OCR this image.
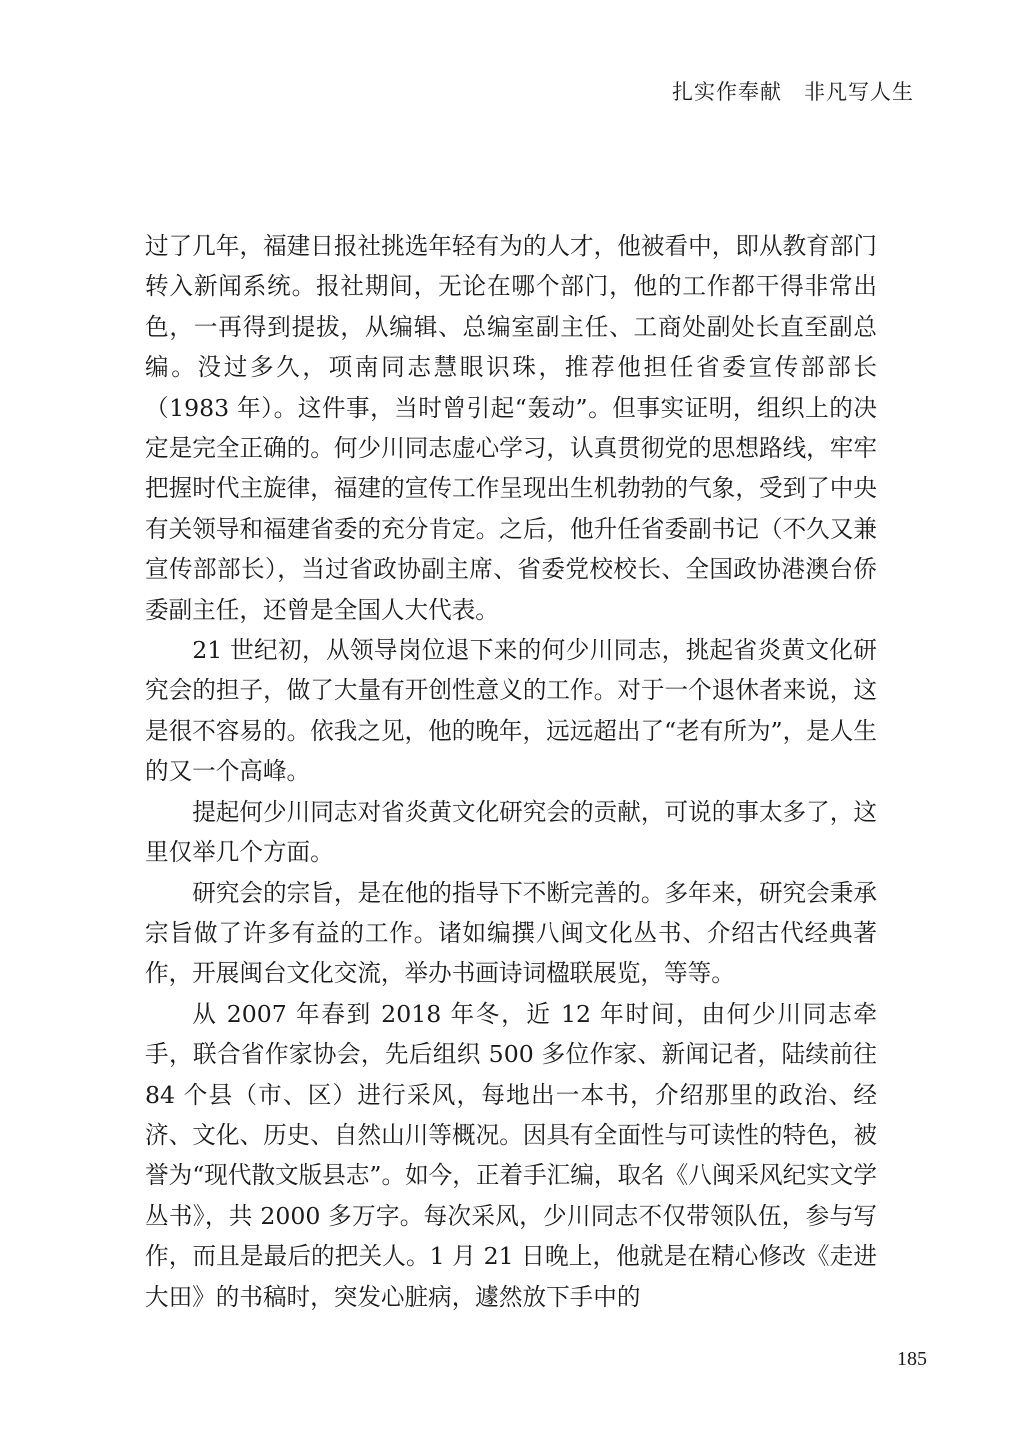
扎实作奉献　非凡写人生

过了几年，福建日报社挑选年轻有为的人才，他被看中，即从教育部门转入新闻系统。报社期间，无论在哪个部门，他的工作都干得非常出色，一再得到提拔，从编辑、总编室副主任、工商处副处长直至副总编。没过多久，项南同志慧眼识珠，推荐他担任省委宣传部部长（1983 年）。这件事，当时曾引起“轰动”。但事实证明，组织上的决定是完全正确的。何少川同志虚心学习，认真贯彻党的思想路线，牢牢把握时代主旋律，福建的宣传工作呈现出生机勃勃的气象，受到了中央有关领导和福建省委的充分肯定。之后，他升任省委副书记（不久又兼宣传部部长），当过省政协副主席、省委党校校长、全国政协港澳台侨委副主任，还曾是全国人大代表。

21 世纪初，从领导岗位退下来的何少川同志，挑起省炎黄文化研究会的担子，做了大量有开创性意义的工作。对于一个退休者来说，这是很不容易的。依我之见，他的晚年，远远超出了“老有所为”，是人生的又一个高峰。

提起何少川同志对省炎黄文化研究会的贡献，可说的事太多了，这里仅举几个方面。

研究会的宗旨，是在他的指导下不断完善的。多年来，研究会秉承宗旨做了许多有益的工作。诸如编撰八闽文化丛书、介绍古代经典著作，开展闽台文化交流，举办书画诗词楹联展览，等等。

从 2007 年春到 2018 年冬，近 12 年时间，由何少川同志牵手，联合省作家协会，先后组织 500 多位作家、新闻记者，陆续前往 84 个县（市、区）进行采风，每地出一本书，介绍那里的政治、经济、文化、历史、自然山川等概况。因具有全面性与可读性的特色，被誉为“现代散文版县志”。如今，正着手汇编，取名《八闽采风纪实文学丛书》，共 2000 多万字。每次采风，少川同志不仅带领队伍，参与写作，而且是最后的把关人。1 月 21 日晚上，他就是在精心修改《走进大田》的书稿时，突发心脏病，遽然放下手中的

185
